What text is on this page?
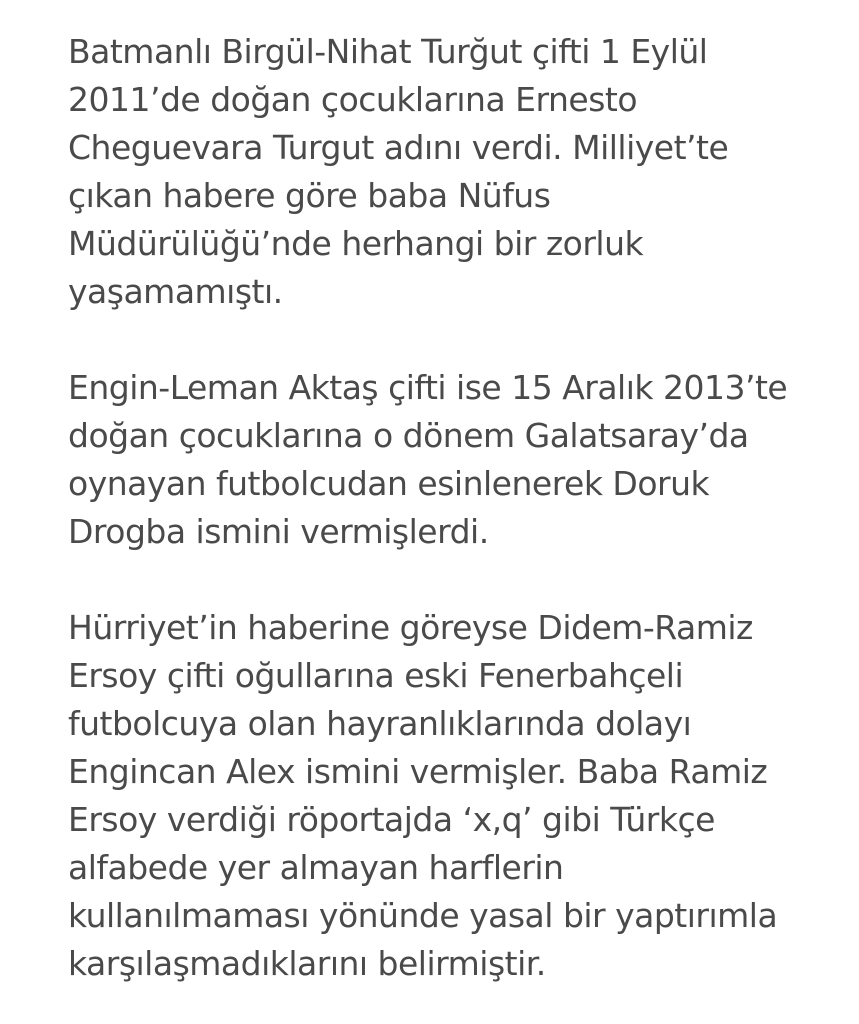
Batmanlı Birgül-Nihat Turğut çifti 1 Eylül
2011’de doğan çocuklarına Ernesto
Cheguevara Turgut adını verdi. Milliyet’te
çıkan habere göre baba Nüfus
Müdürülüğü’nde herhangi bir zorluk
yaşamamıştı.

Engin-Leman Aktaş çifti ise 15 Aralık 2013’te
doğan çocuklarına o dönem Galatsaray’da
oynayan futbolcudan esinlenerek Doruk
Drogba ismini vermişlerdi.

Hürriyet’in haberine göreyse Didem-Ramiz
Ersoy çifti oğullarına eski Fenerbahçeli
futbolcuya olan hayranlıklarında dolayı
Engincan Alex ismini vermişler. Baba Ramiz
Ersoy verdiği röportajda ‘x,q’ gibi Türkçe
alfabede yer almayan harflerin
kullanılmaması yönünde yasal bir yaptırımla
karşılaşmadıklarını belirmiştir.
